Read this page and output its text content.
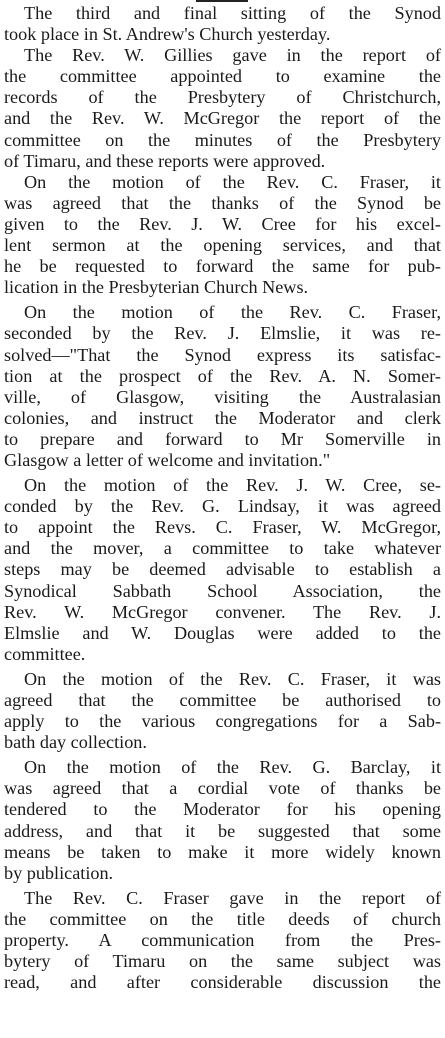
The third and final sitting of the Synod
took place in St. Andrew's Church yesterday.
The Rev. W. Gillies gave in the report of
the committee appointed to examine the
records of the Presbytery of Christchurch,
and the Rev. W. McGregor the report of the
committee on the minutes of the Presbytery
of Timaru, and these reports were approved.
On the motion of the Rev. C. Fraser, it
was agreed that the thanks of the Synod be
given to the Rev. J. W. Cree for his excel-
lent sermon at the opening services, and that
he be requested to forward the same for pub-
lication in the Presbyterian Church News.
On the motion of the Rev. C. Fraser,
seconded by the Rev. J. Elmslie, it was re-
solved—"That the Synod express its satisfac-
tion at the prospect of the Rev. A. N. Somer-
ville, of Glasgow, visiting the Australasian
colonies, and instruct the Moderator and clerk
to prepare and forward to Mr Somerville in
Glasgow a letter of welcome and invitation."
On the motion of the Rev. J. W. Cree, se-
conded by the Rev. G. Lindsay, it was agreed
to appoint the Revs. C. Fraser, W. McGregor,
and the mover, a committee to take whatever
steps may be deemed advisable to establish a
Synodical Sabbath School Association, the
Rev. W. McGregor convener. The Rev. J.
Elmslie and W. Douglas were added to the
committee.
On the motion of the Rev. C. Fraser, it was
agreed that the committee be authorised to
apply to the various congregations for a Sab-
bath day collection.
On the motion of the Rev. G. Barclay, it
was agreed that a cordial vote of thanks be
tendered to the Moderator for his opening
address, and that it be suggested that some
means be taken to make it more widely known
by publication.
The Rev. C. Fraser gave in the report of
the committee on the title deeds of church
property. A communication from the Pres-
bytery of Timaru on the same subject was
read, and after considerable discussion the
